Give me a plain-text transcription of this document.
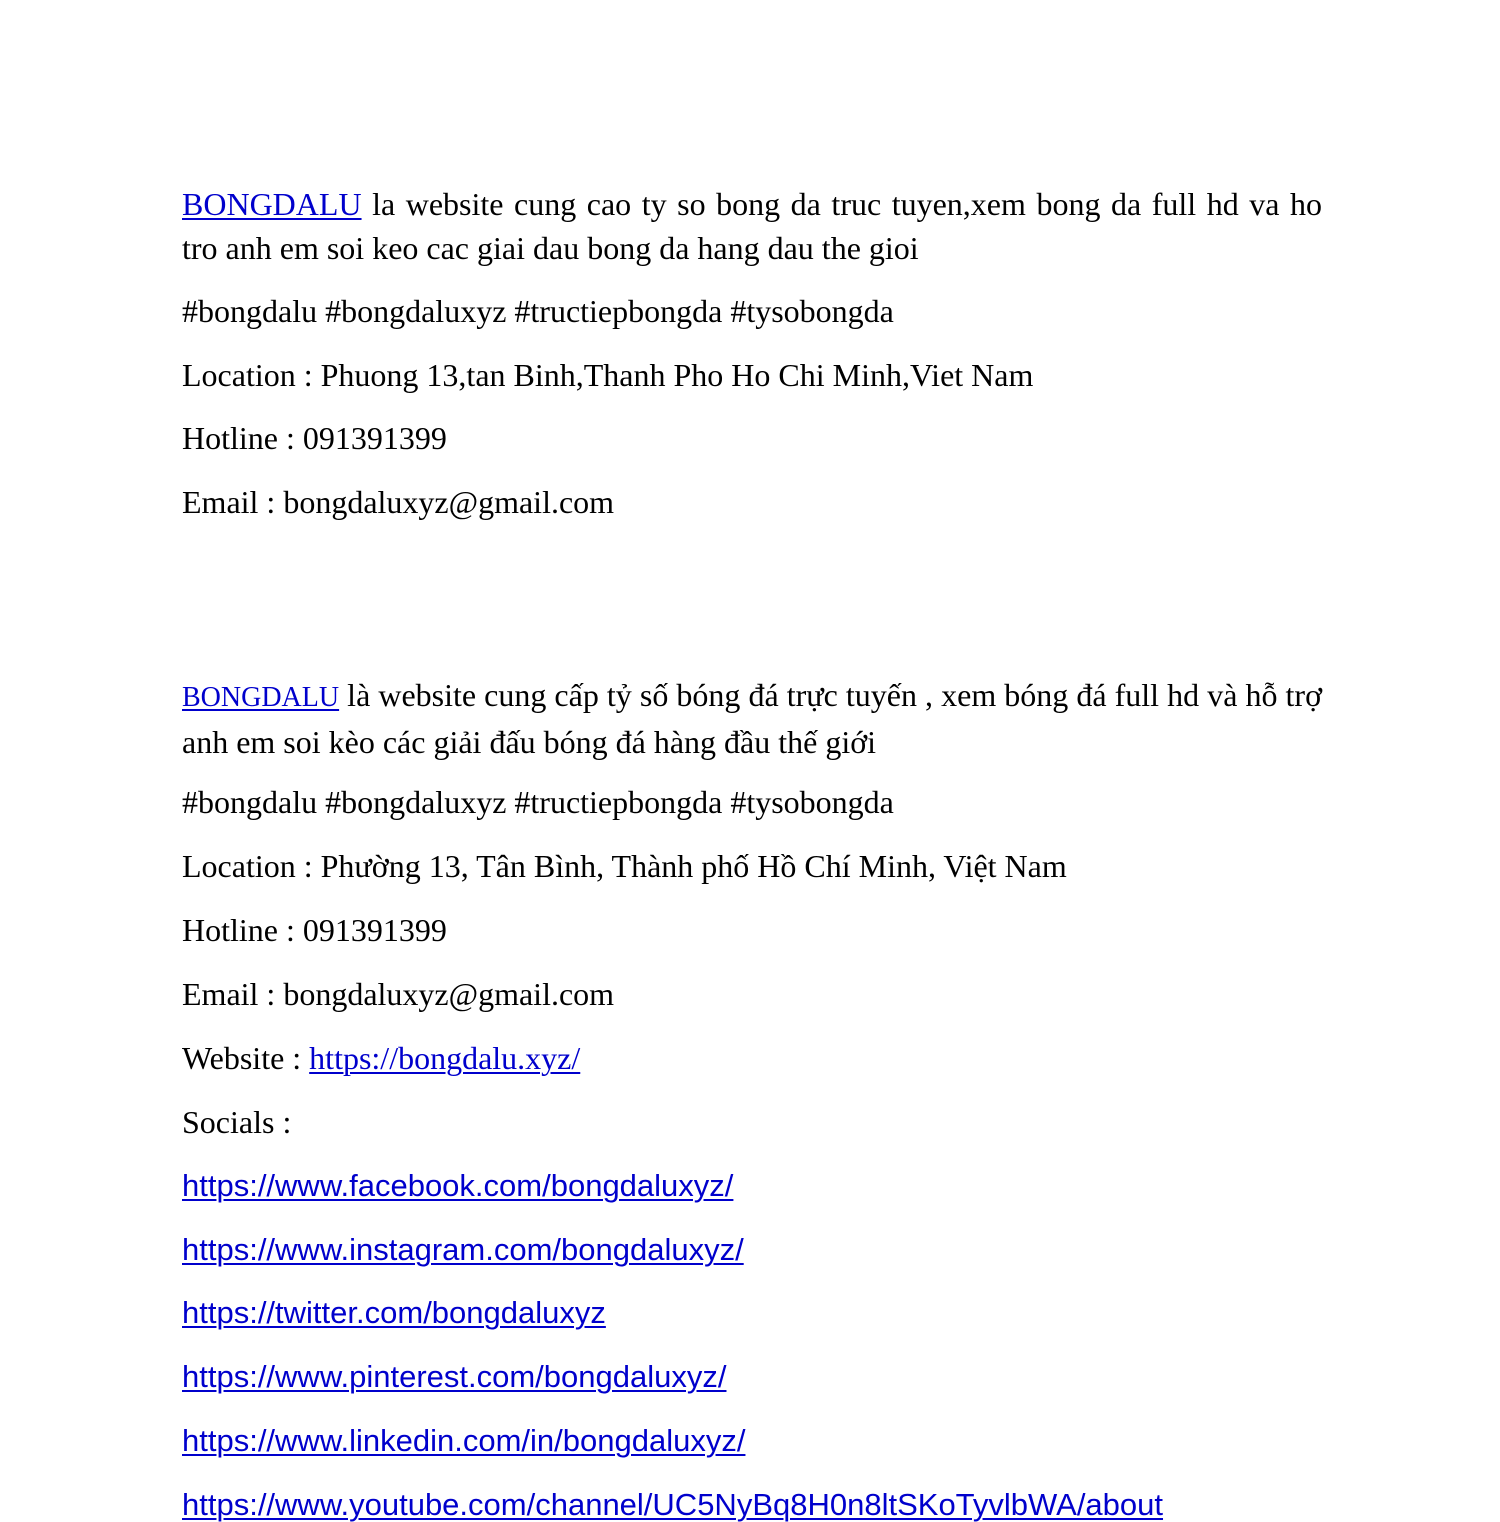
BONGDALU la website cung cao ty so bong da truc tuyen,xem bong da full hd va ho tro anh em soi keo cac giai dau bong da hang dau the gioi
#bongdalu #bongdaluxyz #tructiepbongda #tysobongda
Location : Phuong 13,tan Binh,Thanh Pho Ho Chi Minh,Viet Nam
Hotline : 091391399
Email : bongdaluxyz@gmail.com
BONGDALU là website cung cấp tỷ số bóng đá trực tuyến , xem bóng đá full hd và hỗ trợ anh em soi kèo các giải đấu bóng đá hàng đầu thế giới
#bongdalu #bongdaluxyz #tructiepbongda #tysobongda
Location : Phường 13, Tân Bình, Thành phố Hồ Chí Minh, Việt Nam
Hotline : 091391399
Email : bongdaluxyz@gmail.com
Website : https://bongdalu.xyz/
Socials :
https://www.facebook.com/bongdaluxyz/
https://www.instagram.com/bongdaluxyz/
https://twitter.com/bongdaluxyz
https://www.pinterest.com/bongdaluxyz/
https://www.linkedin.com/in/bongdaluxyz/
https://www.youtube.com/channel/UC5NyBq8H0n8ltSKoTyvlbWA/about
